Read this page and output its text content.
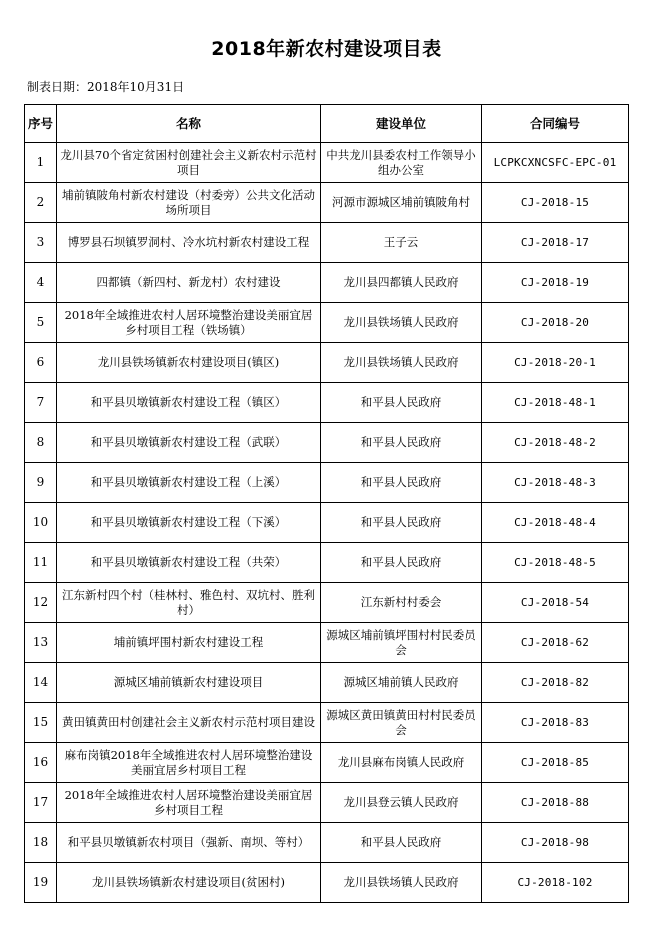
2018年新农村建设项目表
制表日期：2018年10月31日
序号	名称	建设单位	合同编号
1	龙川县70个省定贫困村创建社会主义新农村示范村项目	中共龙川县委农村工作领导小组办公室	LCPKCXNCSFC-EPC-01
2	埔前镇陂角村新农村建设（村委旁）公共文化活动场所项目	河源市源城区埔前镇陂角村	CJ-2018-15
3	博罗县石坝镇罗洞村、冷水坑村新农村建设工程	王子云	CJ-2018-17
4	四都镇（新四村、新龙村）农村建设	龙川县四都镇人民政府	CJ-2018-19
5	2018年全域推进农村人居环境整治建设美丽宜居乡村项目工程（铁场镇）	龙川县铁场镇人民政府	CJ-2018-20
6	龙川县铁场镇新农村建设项目(镇区)	龙川县铁场镇人民政府	CJ-2018-20-1
7	和平县贝墩镇新农村建设工程（镇区）	和平县人民政府	CJ-2018-48-1
8	和平县贝墩镇新农村建设工程（武联）	和平县人民政府	CJ-2018-48-2
9	和平县贝墩镇新农村建设工程（上溪）	和平县人民政府	CJ-2018-48-3
10	和平县贝墩镇新农村建设工程（下溪）	和平县人民政府	CJ-2018-48-4
11	和平县贝墩镇新农村建设工程（共荣）	和平县人民政府	CJ-2018-48-5
12	江东新村四个村（桂林村、雅色村、双坑村、胜利村）	江东新村村委会	CJ-2018-54
13	埔前镇坪围村新农村建设工程	源城区埔前镇坪围村村民委员会	CJ-2018-62
14	源城区埔前镇新农村建设项目	源城区埔前镇人民政府	CJ-2018-82
15	黄田镇黄田村创建社会主义新农村示范村项目建设	源城区黄田镇黄田村村民委员会	CJ-2018-83
16	麻布岗镇2018年全域推进农村人居环境整治建设美丽宜居乡村项目工程	龙川县麻布岗镇人民政府	CJ-2018-85
17	2018年全域推进农村人居环境整治建设美丽宜居乡村项目工程	龙川县登云镇人民政府	CJ-2018-88
18	和平县贝墩镇新农村项目（强新、南坝、等村）	和平县人民政府	CJ-2018-98
19	龙川县铁场镇新农村建设项目(贫困村)	龙川县铁场镇人民政府	CJ-2018-102
